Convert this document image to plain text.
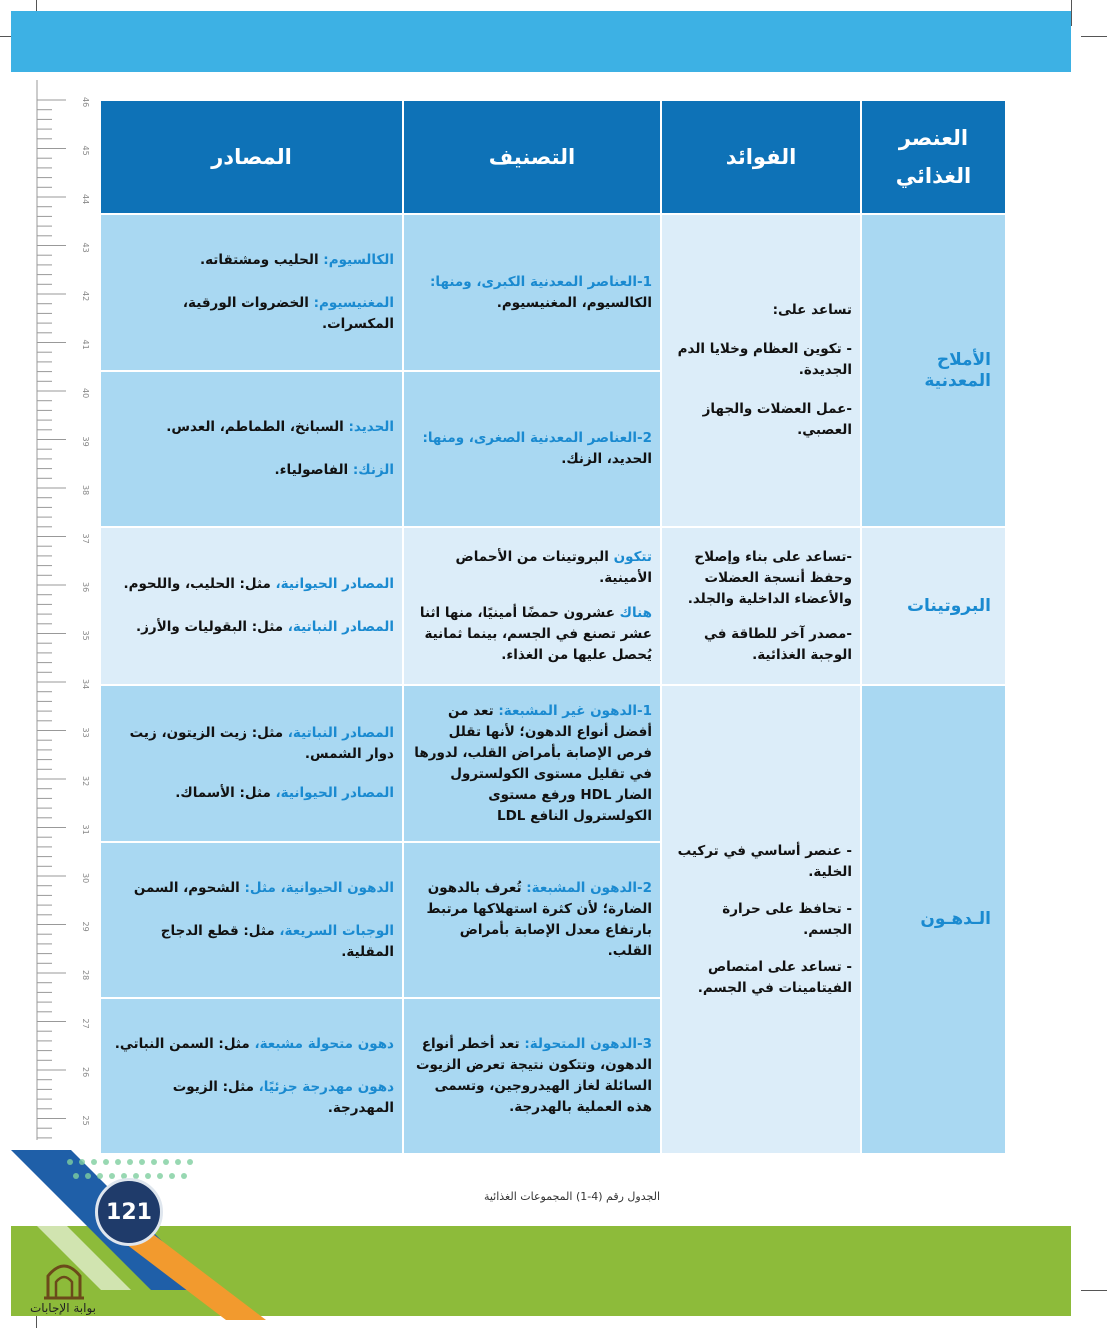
46
45
44
43
42
41
40
39
38
37
36
35
34
33
32
31
30
29
28
27
26
25
العنصر الغذائي
الفوائد
التصنيف
المصادر
الأملاح المعدنية

تساعد على:

- تكوين العظام وخلايا الدم الجديدة.

-عمل العضلات والجهاز العصبي.

1-العناصر المعدنية الكبرى، ومنها:

الكالسيوم، المغنيسيوم.

الكالسيوم: الحليب ومشتقاته.

المغنيسيوم: الخضروات الورقية، المكسرات.

2-العناصر المعدنية الصغرى، ومنها:

الحديد، الزنك.

الحديد: السبانخ، الطماطم، العدس.

الزنك: الفاصولياء.

البروتينات

-تساعد على بناء وإصلاح وحفظ أنسجة العضلات والأعضاء الداخلية والجلد.

-مصدر آخر للطاقة في الوجبة الغذائية.

تتكون البروتينات من الأحماض الأمينية.

هناك عشرون حمضًا أمينيًا، منها اثنا عشر تصنع في الجسم، بينما ثمانية يُحصل عليها من الغذاء.

المصادر الحيوانية، مثل: الحليب، واللحوم.

المصادر النباتية، مثل: البقوليات والأرز.

الـدهـون

- عنصر أساسي في تركيب الخلية.

- تحافظ على حرارة الجسم.

- تساعد على امتصاص الفيتامينات في الجسم.

1-الدهون غير المشبعة: تعد من أفضل أنواع الدهون؛ لأنها تقلل فرص الإصابة بأمراض القلب، لدورها في تقليل مستوى الكولسترول الضار HDL ورفع مستوى الكولسترول النافع LDL

المصادر النباتية، مثل: زيت الزيتون، زيت دوار الشمس.

المصادر الحيوانية، مثل: الأسماك.

2-الدهون المشبعة: تُعرف بالدهون الضارة؛ لأن كثرة استهلاكها مرتبط بارتفاع معدل الإصابة بأمراض القلب.

الدهون الحيوانية، مثل: الشحوم، السمن

الوجبات السريعة، مثل: قطع الدجاج المقلية.

3-الدهون المتحولة: تعد أخطر أنواع الدهون، وتتكون نتيجة تعرض الزيوت السائلة لغاز الهيدروجين، وتسمى هذه العملية بالهدرجة.

دهون متحولة مشبعة، مثل: السمن النباتي.

دهون مهدرجة جزئيًا، مثل: الزيوت المهدرجة.

الجدول رقم (4-1) المجموعات الغذائية
121
بوابة الإجابات
